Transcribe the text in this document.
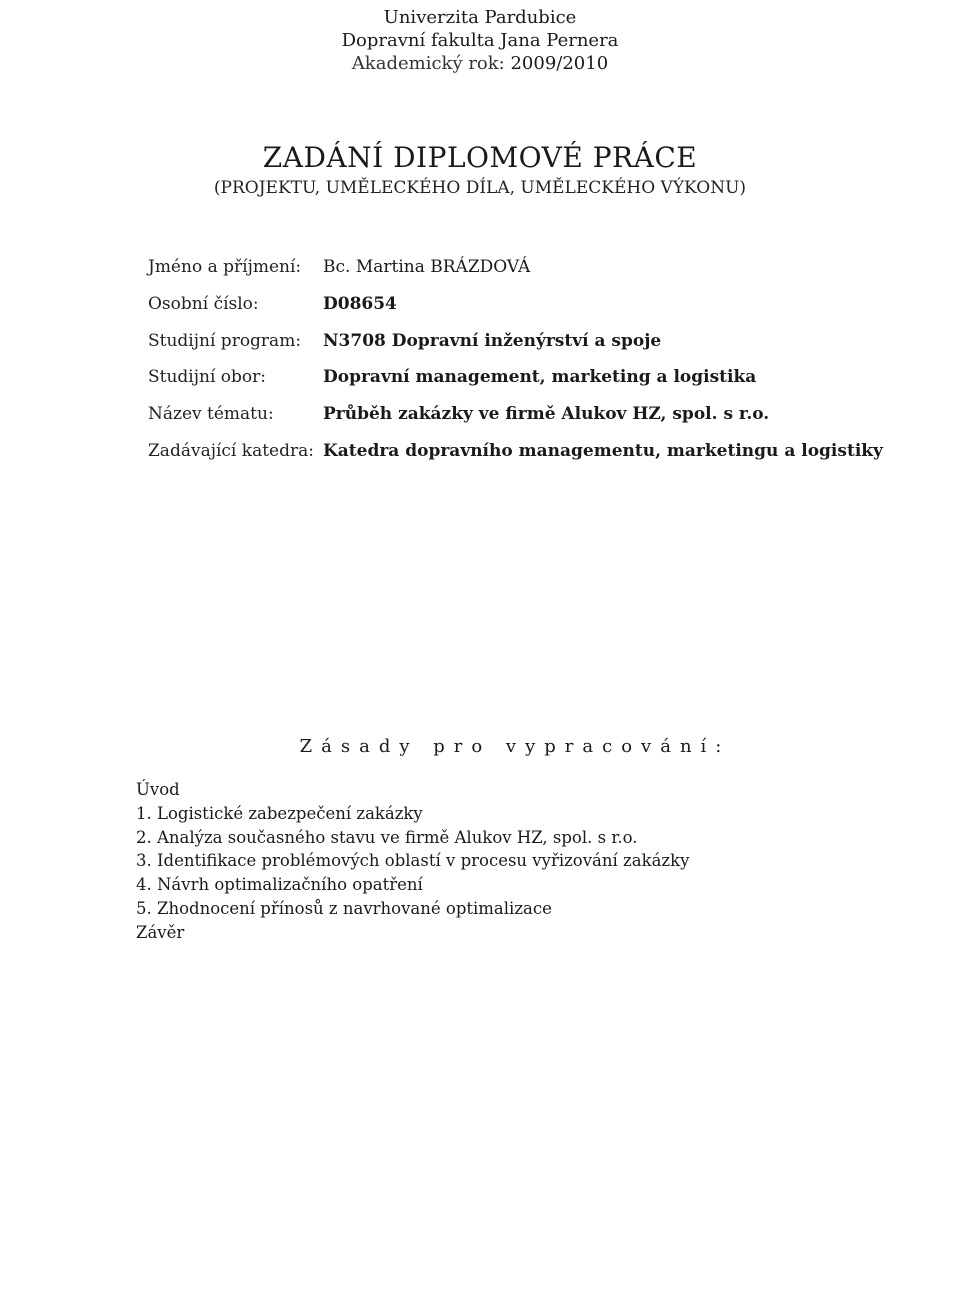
Univerzita Pardubice
Dopravní fakulta Jana Pernera
Akademický rok: 2009/2010
ZADÁNÍ DIPLOMOVÉ PRÁCE
(PROJEKTU, UMĚLECKÉHO DÍLA, UMĚLECKÉHO VÝKONU)
Jméno a příjmení: Bc. Martina BRÁZDOVÁ
Osobní číslo:	D08654
Studijní program: N3708 Dopravní inženýrství a spoje
Studijní obor:	Dopravní management, marketing a logistika
Název tématu:	Průběh zakázky ve firmě Alukov HZ, spol. s r.o.
Zadávající katedra: Katedra dopravního managementu, marketingu a logistiky
Zásady pro vypracování:
Úvod
1. Logistické zabezpečení zakázky
2. Analýza současného stavu ve firmě Alukov HZ, spol. s r.o.
3. Identifikace problémových oblastí v procesu vyřizování zakázky
4. Návrh optimalizačního opatření
5. Zhodnocení přínosů z navrhované optimalizace
Závěr
